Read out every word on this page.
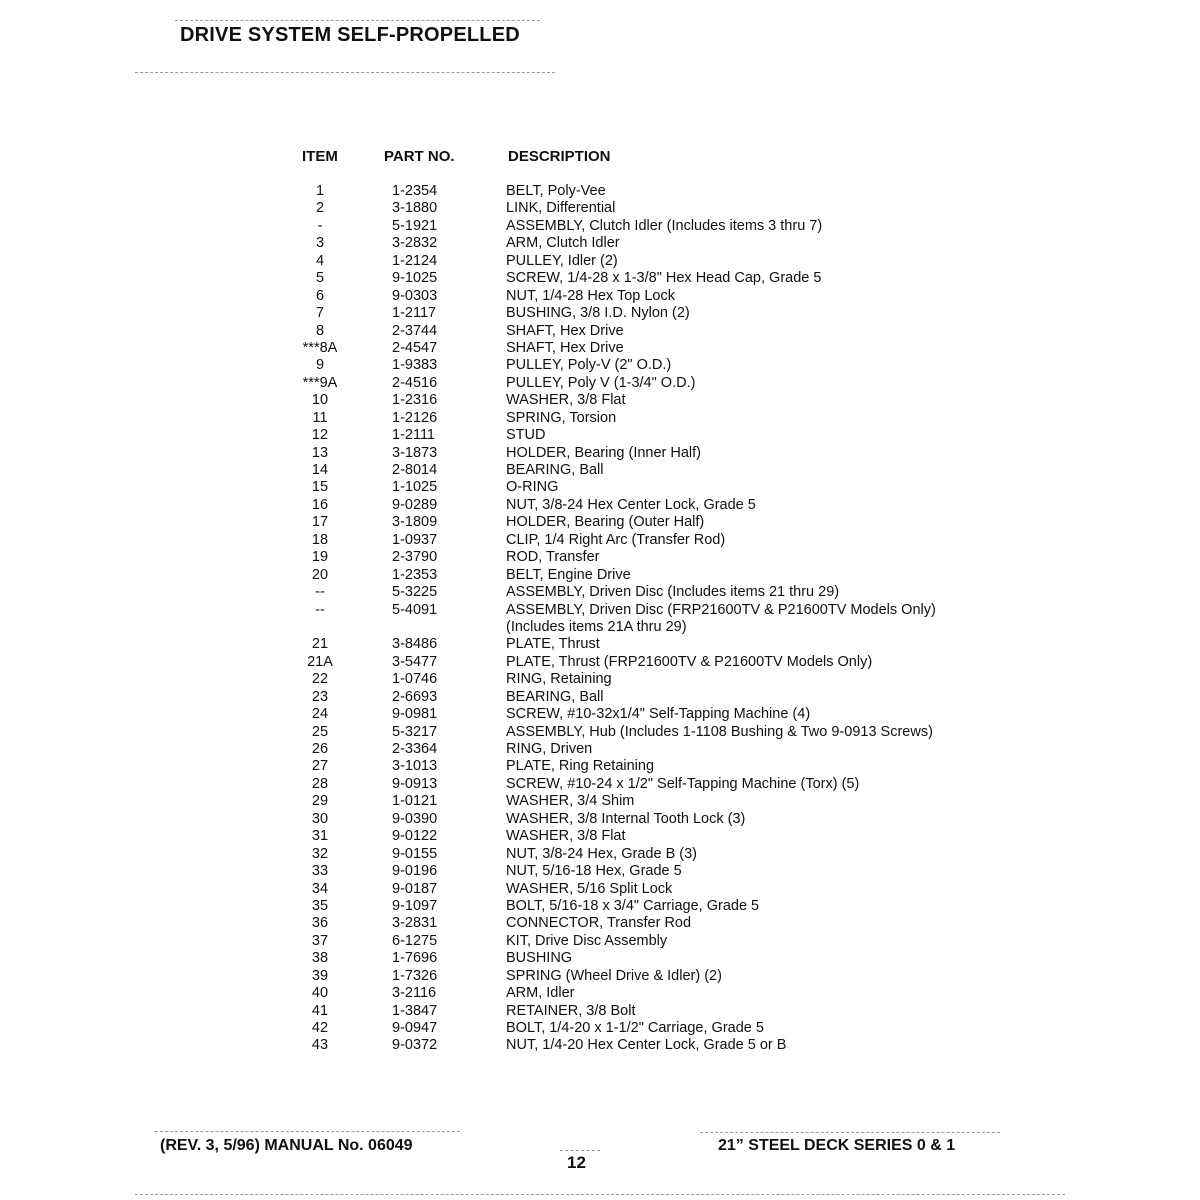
DRIVE SYSTEM SELF-PROPELLED
ITEM	PART NO.	DESCRIPTION
1	1-2354	BELT, Poly-Vee
2	3-1880	LINK, Differential
-	5-1921	ASSEMBLY, Clutch Idler (Includes items 3 thru 7)
3	3-2832	ARM, Clutch Idler
4	1-2124	PULLEY, Idler (2)
5	9-1025	SCREW, 1/4-28 x 1-3/8" Hex Head Cap, Grade 5
6	9-0303	NUT, 1/4-28 Hex Top Lock
7	1-2117	BUSHING, 3/8 I.D. Nylon (2)
8	2-3744	SHAFT, Hex Drive
***8A	2-4547	SHAFT, Hex Drive
9	1-9383	PULLEY, Poly-V (2" O.D.)
***9A	2-4516	PULLEY, Poly V (1-3/4" O.D.)
10	1-2316	WASHER, 3/8 Flat
11	1-2126	SPRING, Torsion
12	1-2111	STUD
13	3-1873	HOLDER, Bearing (Inner Half)
14	2-8014	BEARING, Ball
15	1-1025	O-RING
16	9-0289	NUT, 3/8-24 Hex Center Lock, Grade 5
17	3-1809	HOLDER, Bearing (Outer Half)
18	1-0937	CLIP, 1/4 Right Arc (Transfer Rod)
19	2-3790	ROD, Transfer
20	1-2353	BELT, Engine Drive
--	5-3225	ASSEMBLY, Driven Disc (Includes items 21 thru 29)
--	5-4091	ASSEMBLY, Driven Disc (FRP21600TV & P21600TV Models Only)
(Includes items 21A thru 29)
21	3-8486	PLATE, Thrust
21A	3-5477	PLATE, Thrust (FRP21600TV & P21600TV Models Only)
22	1-0746	RING, Retaining
23	2-6693	BEARING, Ball
24	9-0981	SCREW, #10-32x1/4" Self-Tapping Machine (4)
25	5-3217	ASSEMBLY, Hub (Includes 1-1108 Bushing & Two 9-0913 Screws)
26	2-3364	RING, Driven
27	3-1013	PLATE, Ring Retaining
28	9-0913	SCREW, #10-24 x 1/2" Self-Tapping Machine (Torx) (5)
29	1-0121	WASHER, 3/4 Shim
30	9-0390	WASHER, 3/8 Internal Tooth Lock (3)
31	9-0122	WASHER, 3/8 Flat
32	9-0155	NUT, 3/8-24 Hex, Grade B (3)
33	9-0196	NUT, 5/16-18 Hex, Grade 5
34	9-0187	WASHER, 5/16 Split Lock
35	9-1097	BOLT, 5/16-18 x 3/4" Carriage, Grade 5
36	3-2831	CONNECTOR, Transfer Rod
37	6-1275	KIT, Drive Disc Assembly
38	1-7696	BUSHING
39	1-7326	SPRING (Wheel Drive & Idler) (2)
40	3-2116	ARM, Idler
41	1-3847	RETAINER, 3/8 Bolt
42	9-0947	BOLT, 1/4-20 x 1-1/2" Carriage, Grade 5
43	9-0372	NUT, 1/4-20 Hex Center Lock, Grade 5 or B
(REV. 3, 5/96) MANUAL No. 06049
12
21” STEEL DECK SERIES 0 & 1
